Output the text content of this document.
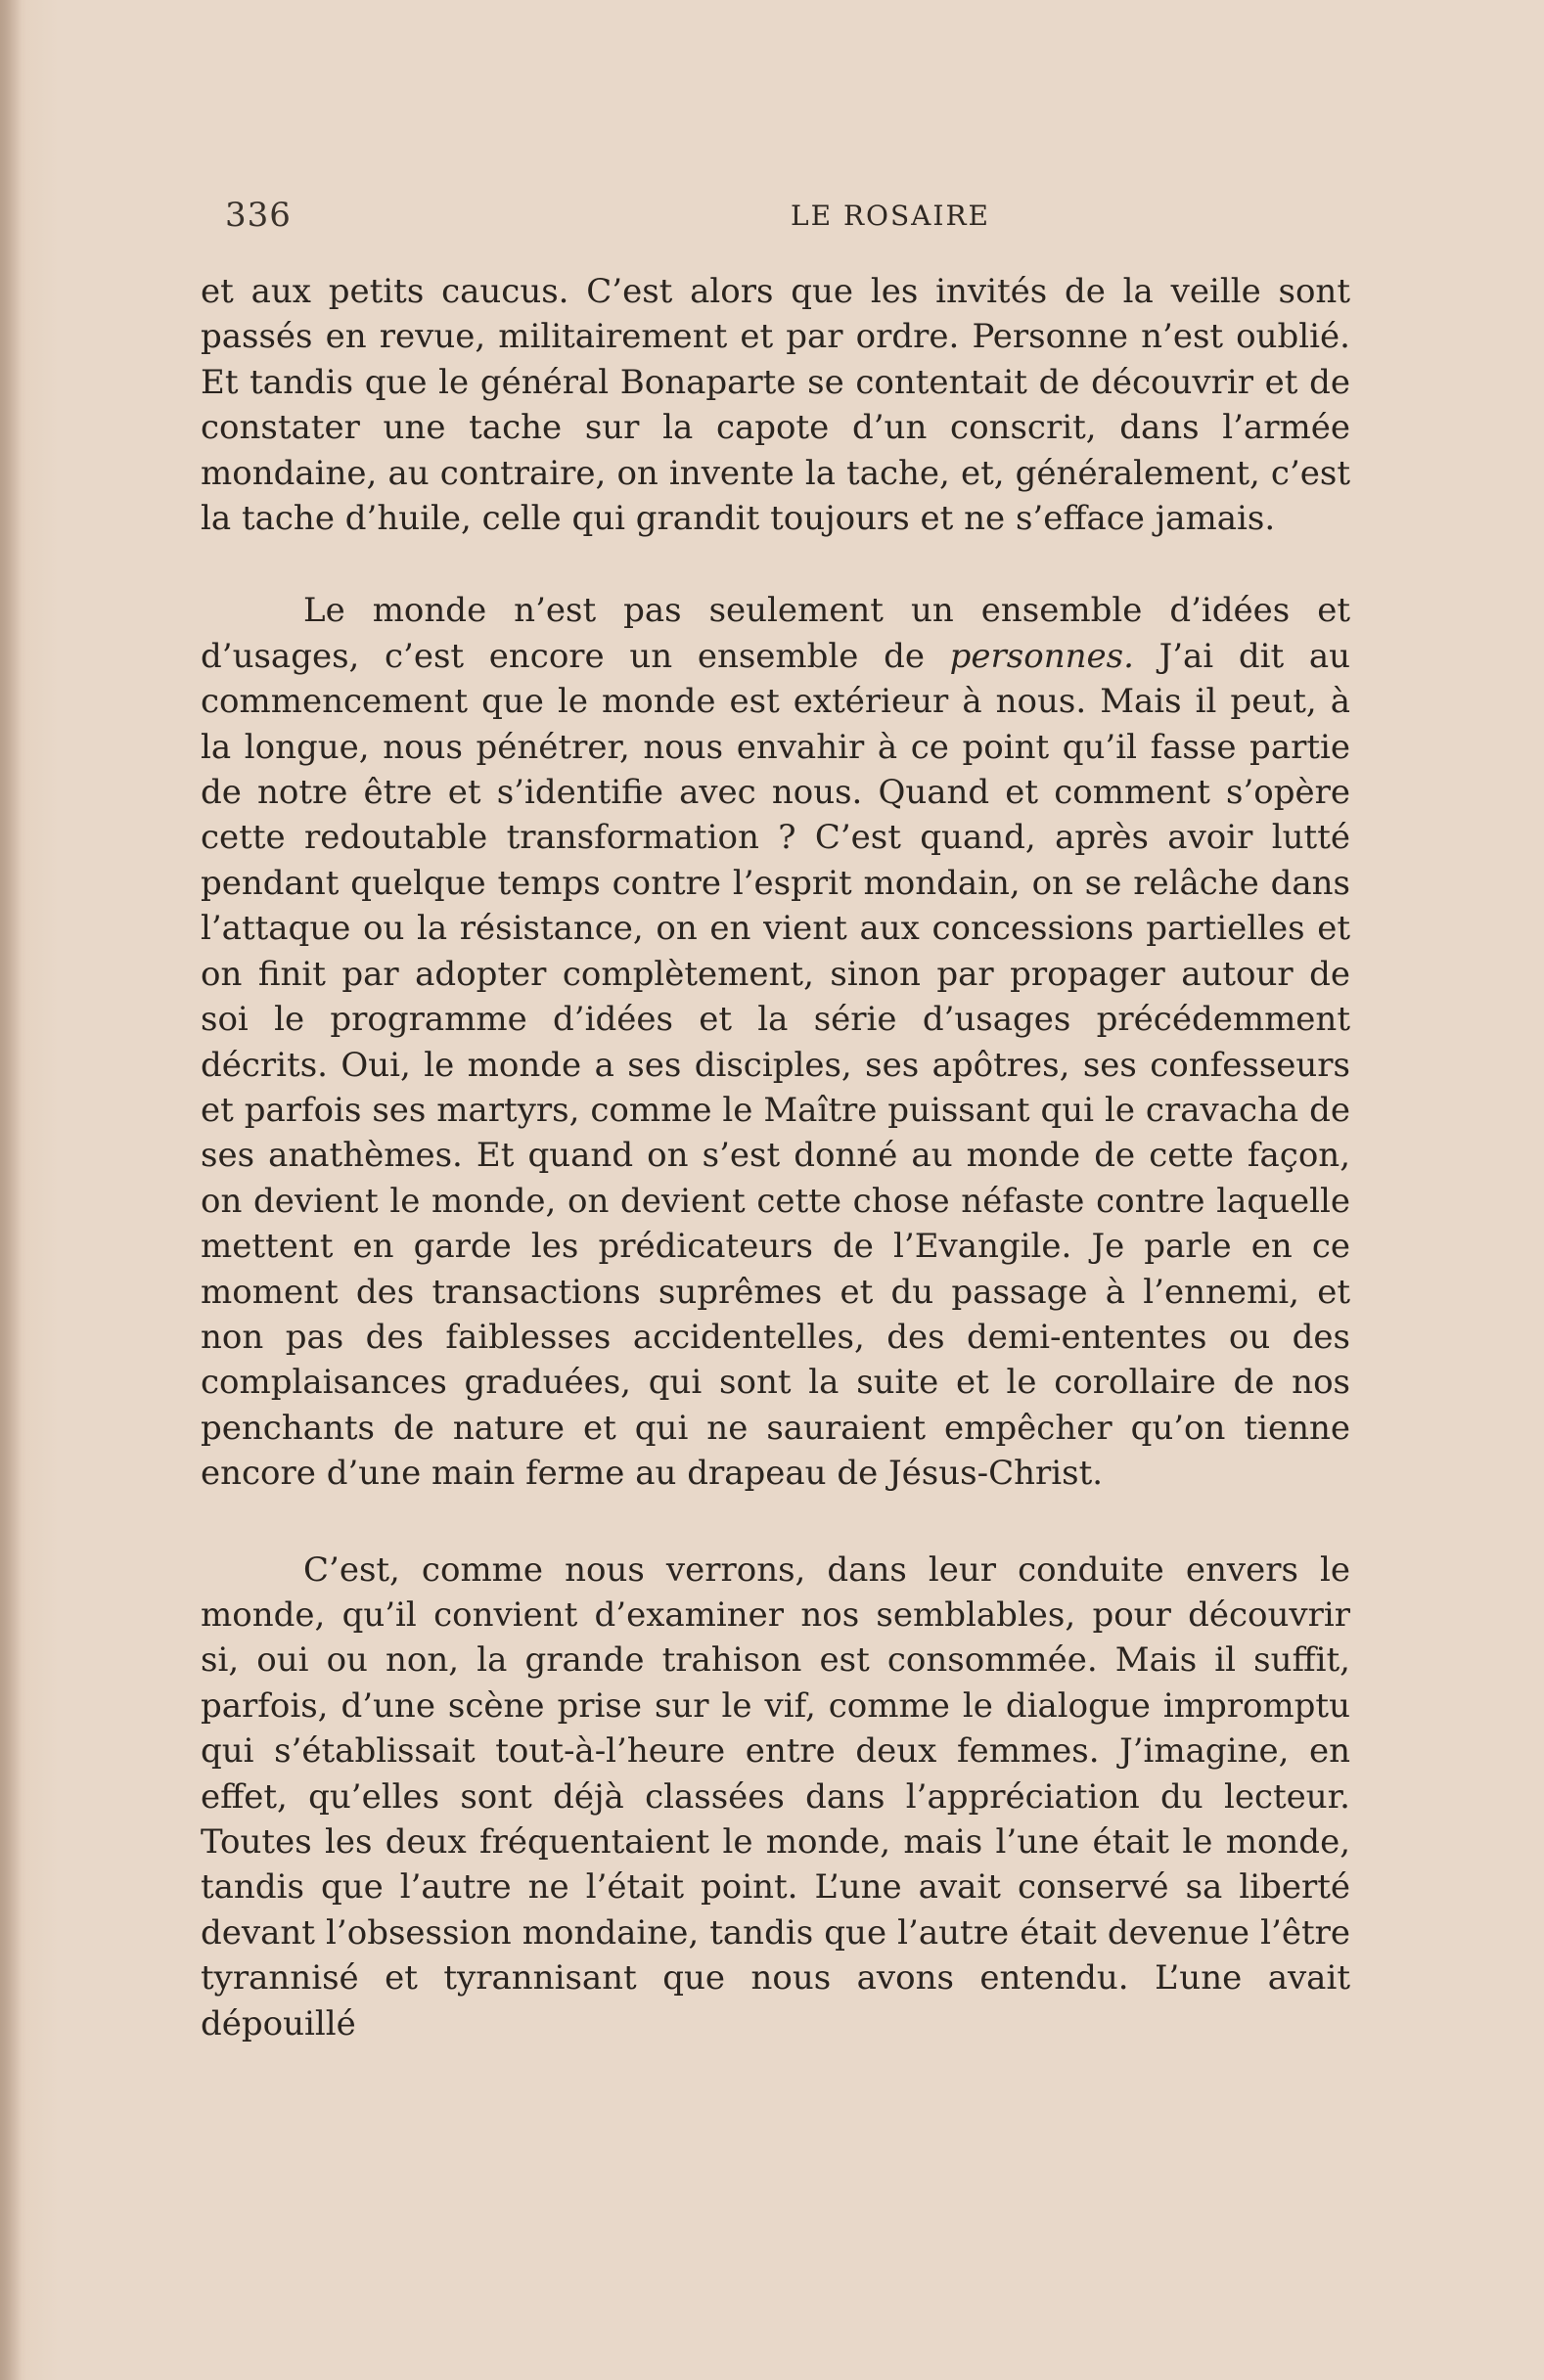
336	LE ROSAIRE

et aux petits caucus. C’est alors que les invités de la veille sont passés en revue, militairement et par ordre. Personne n’est oublié. Et tandis que le général Bonaparte se contentait de découvrir et de constater une tache sur la capote d’un conscrit, dans l’armée mondaine, au contraire, on invente la tache, et, généralement, c’est la tache d’huile, celle qui grandit toujours et ne s’efface jamais.

Le monde n’est pas seulement un ensemble d’idées et d’usages, c’est encore un ensemble de personnes. J’ai dit au commencement que le monde est extérieur à nous. Mais il peut, à la longue, nous pénétrer, nous envahir à ce point qu’il fasse partie de notre être et s’identifie avec nous. Quand et comment s’opère cette redoutable transformation ? C’est quand, après avoir lutté pendant quelque temps contre l’esprit mondain, on se relâche dans l’attaque ou la résistance, on en vient aux concessions partielles et on finit par adopter complètement, sinon par propager autour de soi le programme d’idées et la série d’usages précédemment décrits. Oui, le monde a ses disciples, ses apôtres, ses confesseurs et parfois ses martyrs, comme le Maître puissant qui le cravacha de ses anathèmes. Et quand on s’est donné au monde de cette façon, on devient le monde, on devient cette chose néfaste contre laquelle mettent en garde les prédicateurs de l’Evangile. Je parle en ce moment des transactions suprêmes et du passage à l’ennemi, et non pas des faiblesses accidentelles, des demi-ententes ou des complaisances graduées, qui sont la suite et le corollaire de nos penchants de nature et qui ne sauraient empêcher qu’on tienne encore d’une main ferme au drapeau de Jésus-Christ.

C’est, comme nous verrons, dans leur conduite envers le monde, qu’il convient d’examiner nos semblables, pour découvrir si, oui ou non, la grande trahison est consommée. Mais il suffit, parfois, d’une scène prise sur le vif, comme le dialogue impromptu qui s’établissait tout-à-l’heure entre deux femmes. J’imagine, en effet, qu’elles sont déjà classées dans l’appréciation du lecteur. Toutes les deux fréquentaient le monde, mais l’une était le monde, tandis que l’autre ne l’était point. L’une avait conservé sa liberté devant l’obsession mondaine, tandis que l’autre était devenue l’être tyrannisé et tyrannisant que nous avons entendu. L’une avait dépouillé
